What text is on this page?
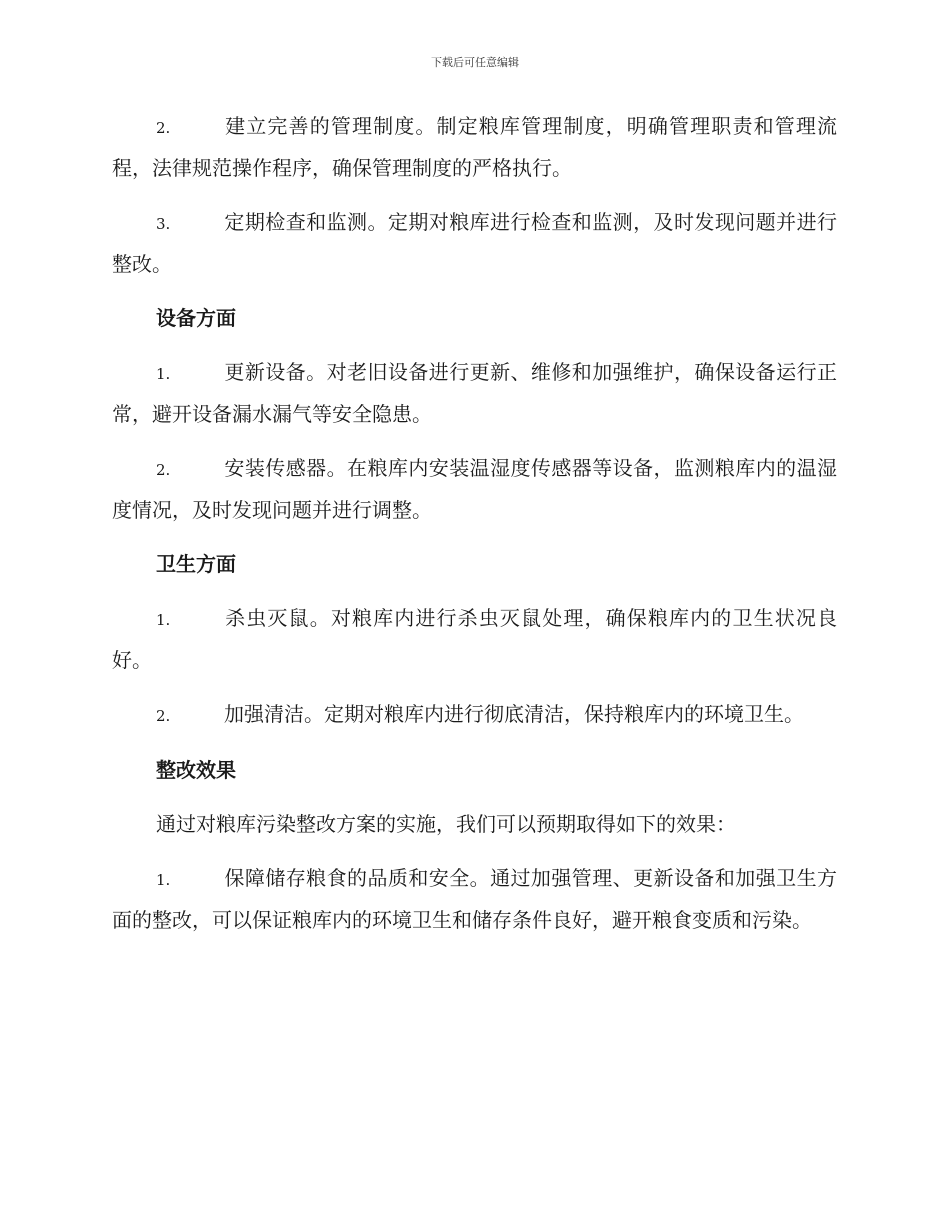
下载后可任意编辑

2.	建立完善的管理制度。制定粮库管理制度，明确管理职责和管理流程，法律规范操作程序，确保管理制度的严格执行。

3.	定期检查和监测。定期对粮库进行检查和监测，及时发现问题并进行整改。

设备方面

1.	更新设备。对老旧设备进行更新、维修和加强维护，确保设备运行正常，避开设备漏水漏气等安全隐患。

2.	安装传感器。在粮库内安装温湿度传感器等设备，监测粮库内的温湿度情况，及时发现问题并进行调整。

卫生方面

1.	杀虫灭鼠。对粮库内进行杀虫灭鼠处理，确保粮库内的卫生状况良好。

2.	加强清洁。定期对粮库内进行彻底清洁，保持粮库内的环境卫生。

整改效果

通过对粮库污染整改方案的实施，我们可以预期取得如下的效果：

1.	保障储存粮食的品质和安全。通过加强管理、更新设备和加强卫生方面的整改，可以保证粮库内的环境卫生和储存条件良好，避开粮食变质和污染。
